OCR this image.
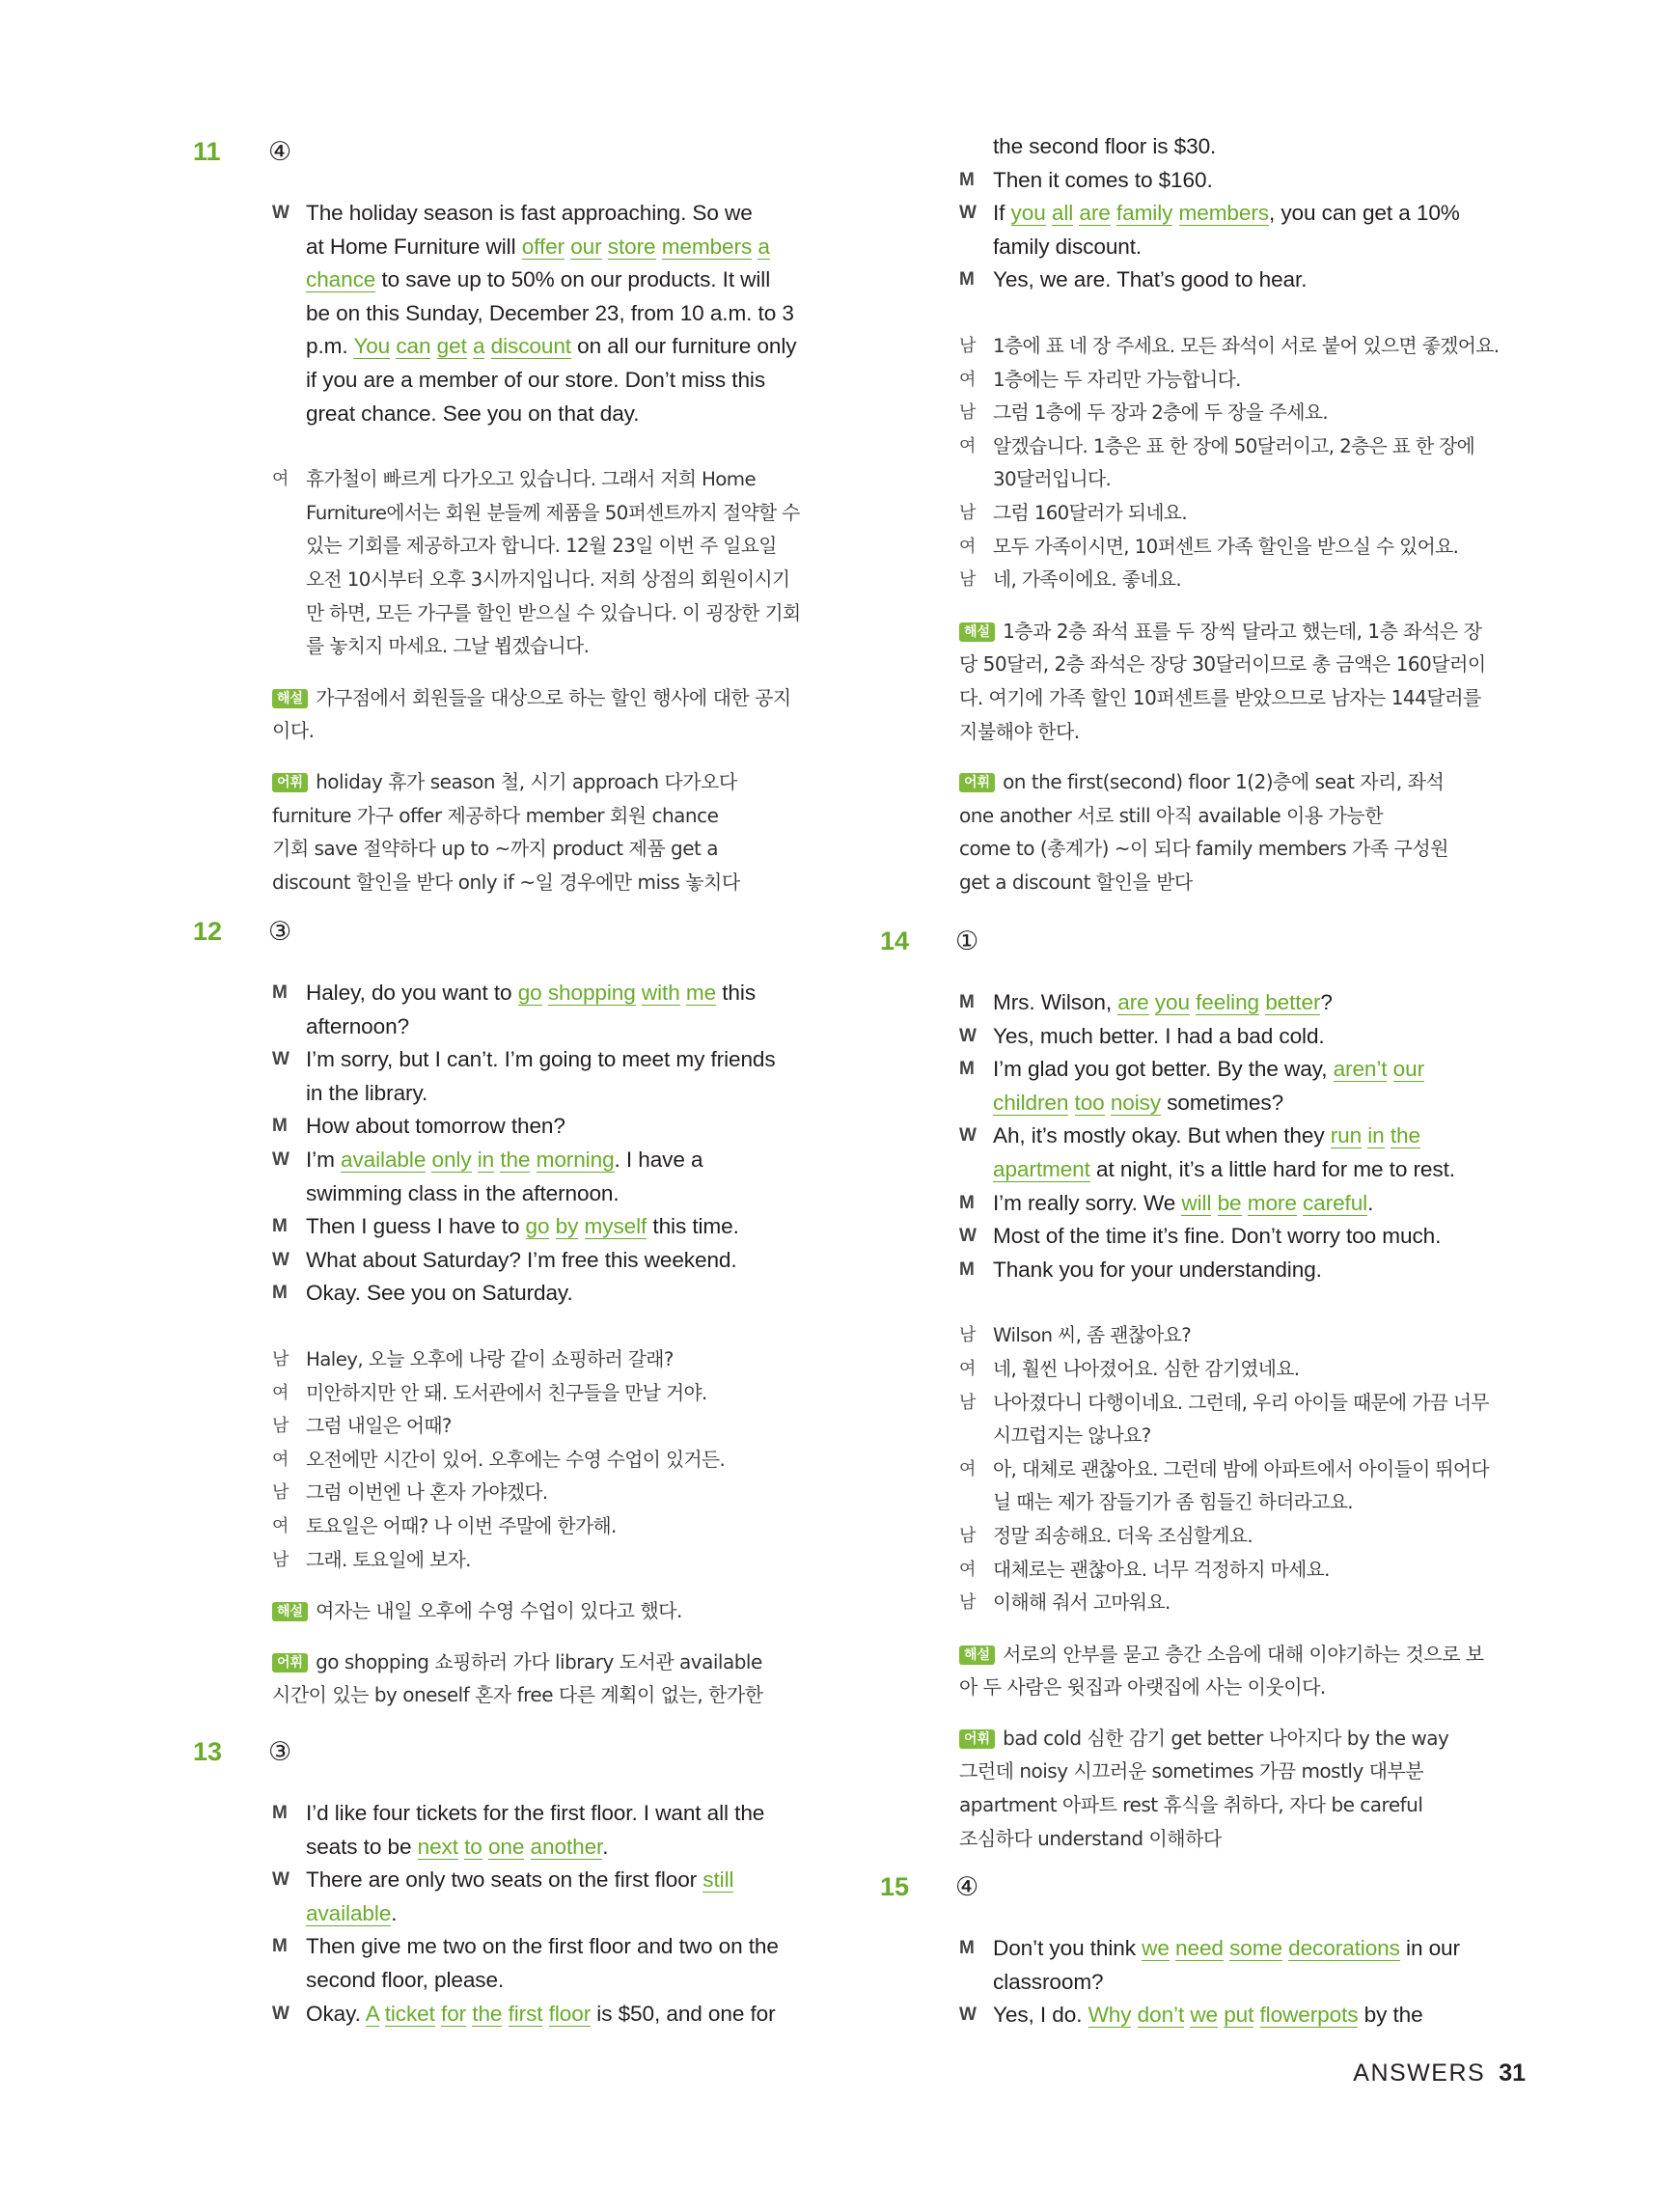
11 ④
W The holiday season is fast approaching. So we
at Home Furniture will offer our store members a
chance to save up to 50% on our products. It will
be on this Sunday, December 23, from 10 a.m. to 3
p.m. You can get a discount on all our furniture only
if you are a member of our store. Don’t miss this
great chance. See you on that day.
여 휴가철이 빠르게 다가오고 있습니다. 그래서 저희 Home
Furniture에서는 회원 분들께 제품을 50퍼센트까지 절약할 수
있는 기회를 제공하고자 합니다. 12월 23일 이번 주 일요일
오전 10시부터 오후 3시까지입니다. 저희 상점의 회원이시기
만 하면, 모든 가구를 할인 받으실 수 있습니다. 이 굉장한 기회
를 놓치지 마세요. 그날 뵙겠습니다.
해설 가구점에서 회원들을 대상으로 하는 할인 행사에 대한 공지
이다.
어휘 holiday 휴가 season 철, 시기 approach 다가오다
furniture 가구 offer 제공하다 member 회원 chance
기회 save 절약하다 up to ~까지 product 제품 get a
discount 할인을 받다 only if ~일 경우에만 miss 놓치다
12 ③
M Haley, do you want to go shopping with me this
afternoon?
W I’m sorry, but I can’t. I’m going to meet my friends
in the library.
M How about tomorrow then?
W I’m available only in the morning. I have a
swimming class in the afternoon.
M Then I guess I have to go by myself this time.
W What about Saturday? I’m free this weekend.
M Okay. See you on Saturday.
남 Haley, 오늘 오후에 나랑 같이 쇼핑하러 갈래?
여 미안하지만 안 돼. 도서관에서 친구들을 만날 거야.
남 그럼 내일은 어때?
여 오전에만 시간이 있어. 오후에는 수영 수업이 있거든.
남 그럼 이번엔 나 혼자 가야겠다.
여 토요일은 어때? 나 이번 주말에 한가해.
남 그래. 토요일에 보자.
해설 여자는 내일 오후에 수영 수업이 있다고 했다.
어휘 go shopping 쇼핑하러 가다 library 도서관 available
시간이 있는 by oneself 혼자 free 다른 계획이 없는, 한가한
13 ③
M I’d like four tickets for the first floor. I want all the
seats to be next to one another.
W There are only two seats on the first floor still
available.
M Then give me two on the first floor and two on the
second floor, please.
W Okay. A ticket for the first floor is $50, and one for
the second floor is $30.
M Then it comes to $160.
W If you all are family members, you can get a 10%
family discount.
M Yes, we are. That’s good to hear.
남 1층에 표 네 장 주세요. 모든 좌석이 서로 붙어 있으면 좋겠어요.
여 1층에는 두 자리만 가능합니다.
남 그럼 1층에 두 장과 2층에 두 장을 주세요.
여 알겠습니다. 1층은 표 한 장에 50달러이고, 2층은 표 한 장에
30달러입니다.
남 그럼 160달러가 되네요.
여 모두 가족이시면, 10퍼센트 가족 할인을 받으실 수 있어요.
남 네, 가족이에요. 좋네요.
해설 1층과 2층 좌석 표를 두 장씩 달라고 했는데, 1층 좌석은 장
당 50달러, 2층 좌석은 장당 30달러이므로 총 금액은 160달러이
다. 여기에 가족 할인 10퍼센트를 받았으므로 남자는 144달러를
지불해야 한다.
어휘 on the first(second) floor 1(2)층에 seat 자리, 좌석
one another 서로 still 아직 available 이용 가능한
come to (총계가) ~이 되다 family members 가족 구성원
get a discount 할인을 받다
14 ①
M Mrs. Wilson, are you feeling better?
W Yes, much better. I had a bad cold.
M I’m glad you got better. By the way, aren’t our
children too noisy sometimes?
W Ah, it’s mostly okay. But when they run in the
apartment at night, it’s a little hard for me to rest.
M I’m really sorry. We will be more careful.
W Most of the time it’s fine. Don’t worry too much.
M Thank you for your understanding.
남 Wilson 씨, 좀 괜찮아요?
여 네, 훨씬 나아졌어요. 심한 감기였네요.
남 나아졌다니 다행이네요. 그런데, 우리 아이들 때문에 가끔 너무
시끄럽지는 않나요?
여 아, 대체로 괜찮아요. 그런데 밤에 아파트에서 아이들이 뛰어다
닐 때는 제가 잠들기가 좀 힘들긴 하더라고요.
남 정말 죄송해요. 더욱 조심할게요.
여 대체로는 괜찮아요. 너무 걱정하지 마세요.
남 이해해 줘서 고마워요.
해설 서로의 안부를 묻고 층간 소음에 대해 이야기하는 것으로 보
아 두 사람은 윗집과 아랫집에 사는 이웃이다.
어휘 bad cold 심한 감기 get better 나아지다 by the way
그런데 noisy 시끄러운 sometimes 가끔 mostly 대부분
apartment 아파트 rest 휴식을 취하다, 자다 be careful
조심하다 understand 이해하다
15 ④
M Don’t you think we need some decorations in our
classroom?
W Yes, I do. Why don’t we put flowerpots by the
ANSWERS 31
